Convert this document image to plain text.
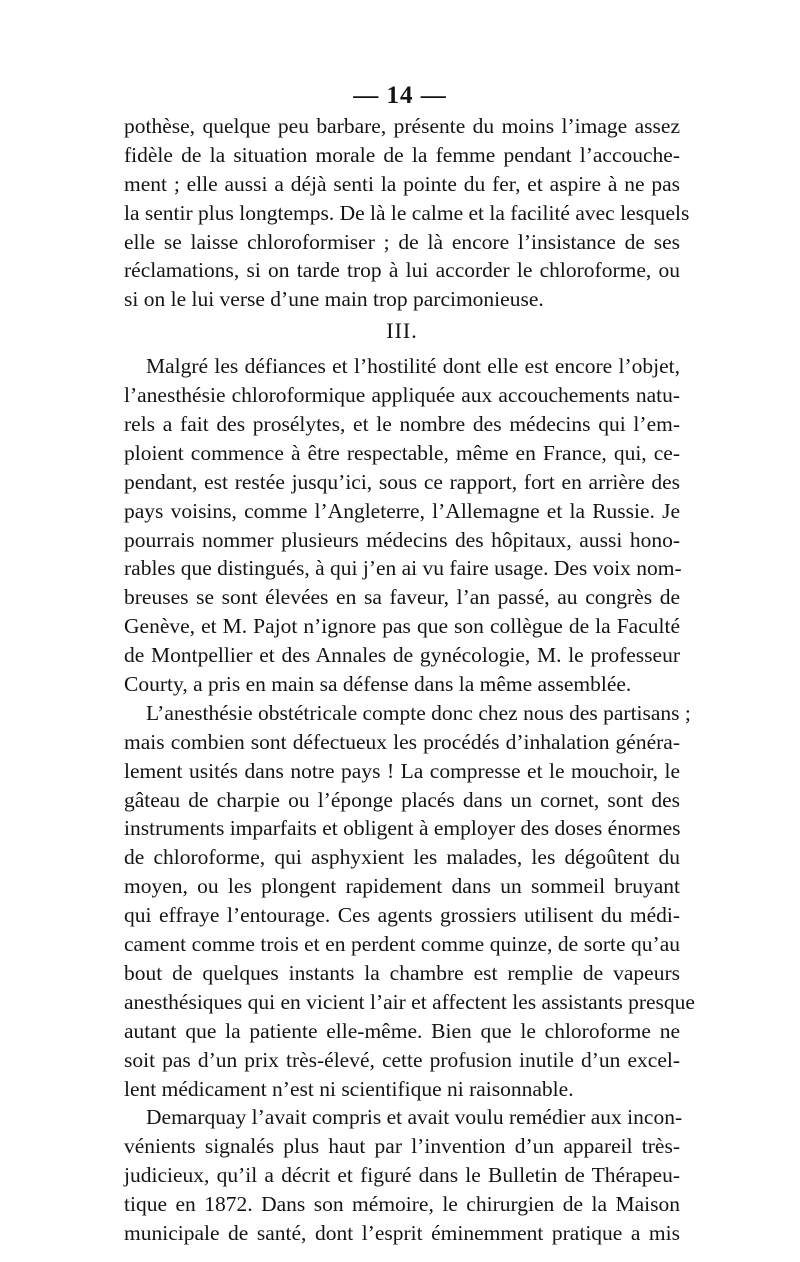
— 14 —
pothèse, quelque peu barbare, présente du moins l’image assez
fidèle de la situation morale de la femme pendant l’accouche-
ment ; elle aussi a déjà senti la pointe du fer, et aspire à ne pas
la sentir plus longtemps. De là le calme et la facilité avec lesquels
elle se laisse chloroformiser ; de là encore l’insistance de ses
réclamations, si on tarde trop à lui accorder le chloroforme, ou
si on le lui verse d’une main trop parcimonieuse.
III.
Malgré les défiances et l’hostilité dont elle est encore l’objet,
l’anesthésie chloroformique appliquée aux accouchements natu-
rels a fait des prosélytes, et le nombre des médecins qui l’em-
ploient commence à être respectable, même en France, qui, ce-
pendant, est restée jusqu’ici, sous ce rapport, fort en arrière des
pays voisins, comme l’Angleterre, l’Allemagne et la Russie. Je
pourrais nommer plusieurs médecins des hôpitaux, aussi hono-
rables que distingués, à qui j’en ai vu faire usage. Des voix nom-
breuses se sont élevées en sa faveur, l’an passé, au congrès de
Genève, et M. Pajot n’ignore pas que son collègue de la Faculté
de Montpellier et des Annales de gynécologie, M. le professeur
Courty, a pris en main sa défense dans la même assemblée.
L’anesthésie obstétricale compte donc chez nous des partisans ;
mais combien sont défectueux les procédés d’inhalation généra-
lement usités dans notre pays ! La compresse et le mouchoir, le
gâteau de charpie ou l’éponge placés dans un cornet, sont des
instruments imparfaits et obligent à employer des doses énormes
de chloroforme, qui asphyxient les malades, les dégoûtent du
moyen, ou les plongent rapidement dans un sommeil bruyant
qui effraye l’entourage. Ces agents grossiers utilisent du médi-
cament comme trois et en perdent comme quinze, de sorte qu’au
bout de quelques instants la chambre est remplie de vapeurs
anesthésiques qui en vicient l’air et affectent les assistants presque
autant que la patiente elle-même. Bien que le chloroforme ne
soit pas d’un prix très-élevé, cette profusion inutile d’un excel-
lent médicament n’est ni scientifique ni raisonnable.
Demarquay l’avait compris et avait voulu remédier aux incon-
vénients signalés plus haut par l’invention d’un appareil très-
judicieux, qu’il a décrit et figuré dans le Bulletin de Thérapeu-
tique en 1872. Dans son mémoire, le chirurgien de la Maison
municipale de santé, dont l’esprit éminemment pratique a mis
